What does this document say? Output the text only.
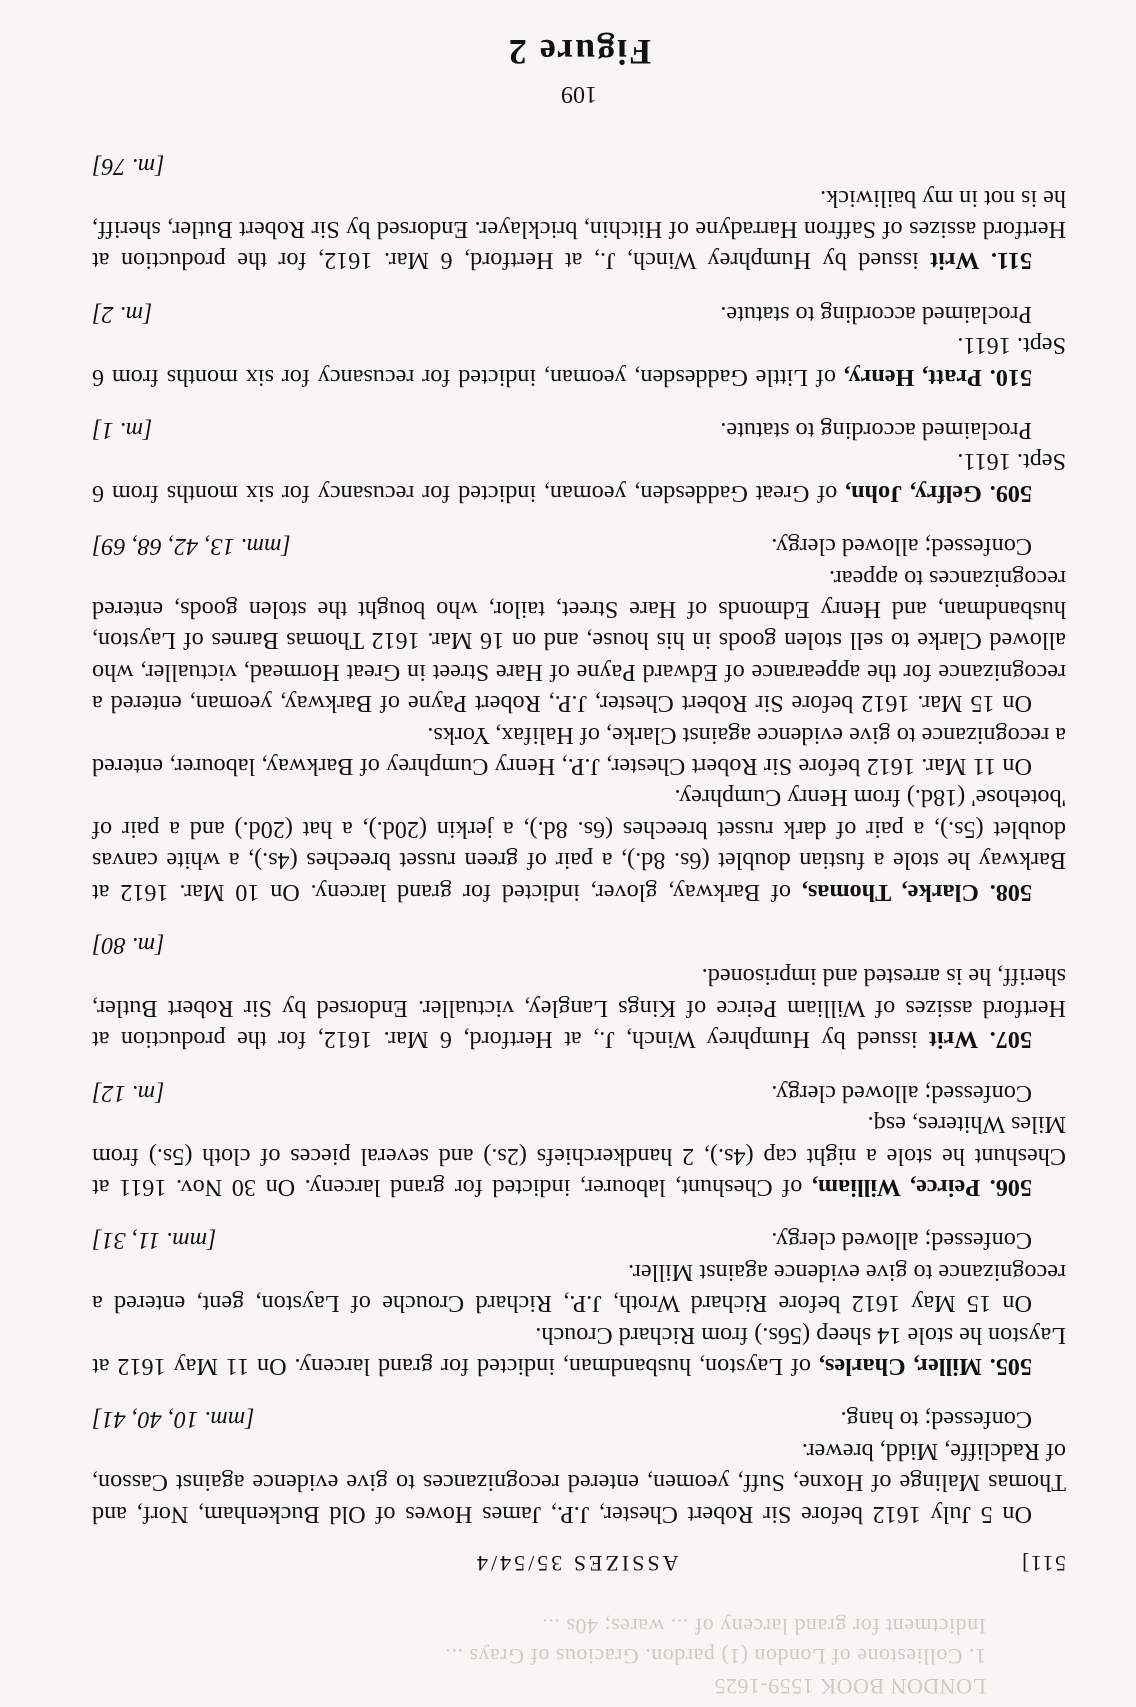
LONDON BOOK 1559-1625
1. Colliestone of London (1) pardon. Gracious of Grays ...
Indictment for grand larceny of ... wares; 40s ...
511]
ASSIZES 35/54/4

On 5 July 1612 before Sir Robert Chester, J.P., James Howes of Old Buckenham, Norf, and Thomas Malinge of Hoxne, Suff, yeomen, entered recognizances to give evidence against Casson, of Radcliffe, Midd, brewer.

Confessed; to hang.
[mm. 10, 40, 41]

505. Miller, Charles, of Layston, husbandman, indicted for grand larceny. On 11 May 1612 at Layston he stole 14 sheep (56s.) from Richard Crouch.

On 15 May 1612 before Richard Wroth, J.P., Richard Crouche of Layston, gent, entered a recognizance to give evidence against Miller.

Confessed; allowed clergy.
[mm. 11, 31]

506. Peirce, William, of Cheshunt, labourer, indicted for grand larceny. On 30 Nov. 1611 at Cheshunt he stole a night cap (4s.), 2 handkerchiefs (2s.) and several pieces of cloth (5s.) from Miles Whiteres, esq.

Confessed; allowed clergy.
[m. 12]

507. Writ issued by Humphrey Winch, J., at Hertford, 6 Mar. 1612, for the production at Hertford assizes of William Peirce of Kings Langley, victualler. Endorsed by Sir Robert Butler, sheriff, he is arrested and imprisoned.

[m. 80]

508. Clarke, Thomas, of Barkway, glover, indicted for grand larceny. On 10 Mar. 1612 at Barkway he stole a fustian doublet (6s. 8d.), a pair of green russet breeches (4s.), a white canvas doublet (5s.), a pair of dark russet breeches (6s. 8d.), a jerkin (20d.), a hat (20d.) and a pair of 'botehose' (18d.) from Henry Cumphrey.

On 11 Mar. 1612 before Sir Robert Chester, J.P., Henry Cumphrey of Barkway, labourer, entered a recognizance to give evidence against Clarke, of Halifax, Yorks.

On 15 Mar. 1612 before Sir Robert Chester, J.P., Robert Payne of Barkway, yeoman, entered a recognizance for the appearance of Edward Payne of Hare Street in Great Hormead, victualler, who allowed Clarke to sell stolen goods in his house, and on 16 Mar. 1612 Thomas Barnes of Layston, husbandman, and Henry Edmonds of Hare Street, tailor, who bought the stolen goods, entered recognizances to appear.

Confessed; allowed clergy.
[mm. 13, 42, 68, 69]

509. Gelfry, John, of Great Gaddesden, yeoman, indicted for recusancy for six months from 6 Sept. 1611.

Proclaimed according to statute.
[m. 1]

510. Pratt, Henry, of Little Gaddesden, yeoman, indicted for recusancy for six months from 6 Sept. 1611.

Proclaimed according to statute.
[m. 2]

511. Writ issued by Humphrey Winch, J., at Hertford, 6 Mar. 1612, for the production at Hertford assizes of Saffron Harradyne of Hitchin, bricklayer. Endorsed by Sir Robert Butler, sheriff, he is not in my bailiwick.

[m. 76]
109
Figure 2
